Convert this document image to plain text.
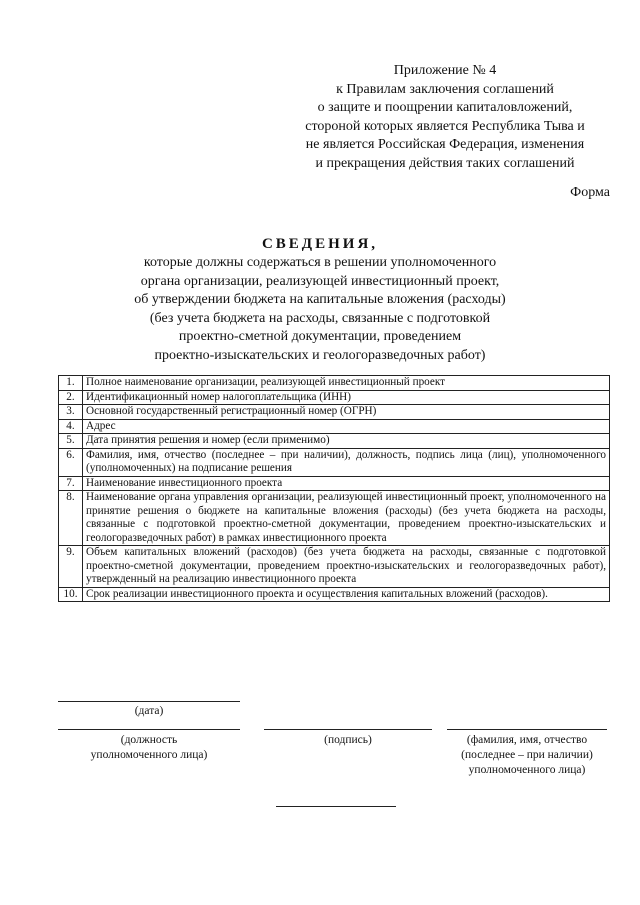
Приложение № 4
к Правилам заключения соглашений
о защите и поощрении капиталовложений,
стороной которых является Республика Тыва и
не является Российская Федерация, изменения
и прекращения действия таких соглашений
Форма
СВЕДЕНИЯ,
которые должны содержаться в решении уполномоченного
органа организации, реализующей инвестиционный проект,
об утверждении бюджета на капитальные вложения (расходы)
(без учета бюджета на расходы, связанные с подготовкой
проектно-сметной документации, проведением
проектно-изыскательских и геологоразведочных работ)
1.	Полное наименование организации, реализующей инвестиционный проект
2.	Идентификационный номер налогоплательщика (ИНН)
3.	Основной государственный регистрационный номер (ОГРН)
4.	Адрес
5.	Дата принятия решения и номер (если применимо)
6.	Фамилия, имя, отчество (последнее – при наличии), должность, подпись лица (лиц), уполномоченного (уполномоченных) на подписание решения
7.	Наименование инвестиционного проекта
8.	Наименование органа управления организации, реализующей инвестиционный проект, уполномоченного на принятие решения о бюджете на капитальные вложения (расходы) (без учета бюджета на расходы, связанные с подготовкой проектно-сметной документации, проведением проектно-изыскательских и геологоразведочных работ) в рамках инвестиционного проекта
9.	Объем капитальных вложений (расходов) (без учета бюджета на расходы, связанные с подготовкой проектно-сметной документации, проведением проектно-изыскательских и геологоразведочных работ), утвержденный на реализацию инвестиционного проекта
10.	Срок реализации инвестиционного проекта и осуществления капитальных вложений (расходов).
(дата)
(должность
уполномоченного лица)
(подпись)	(фамилия, имя, отчество
(последнее – при наличии)
уполномоченного лица)
